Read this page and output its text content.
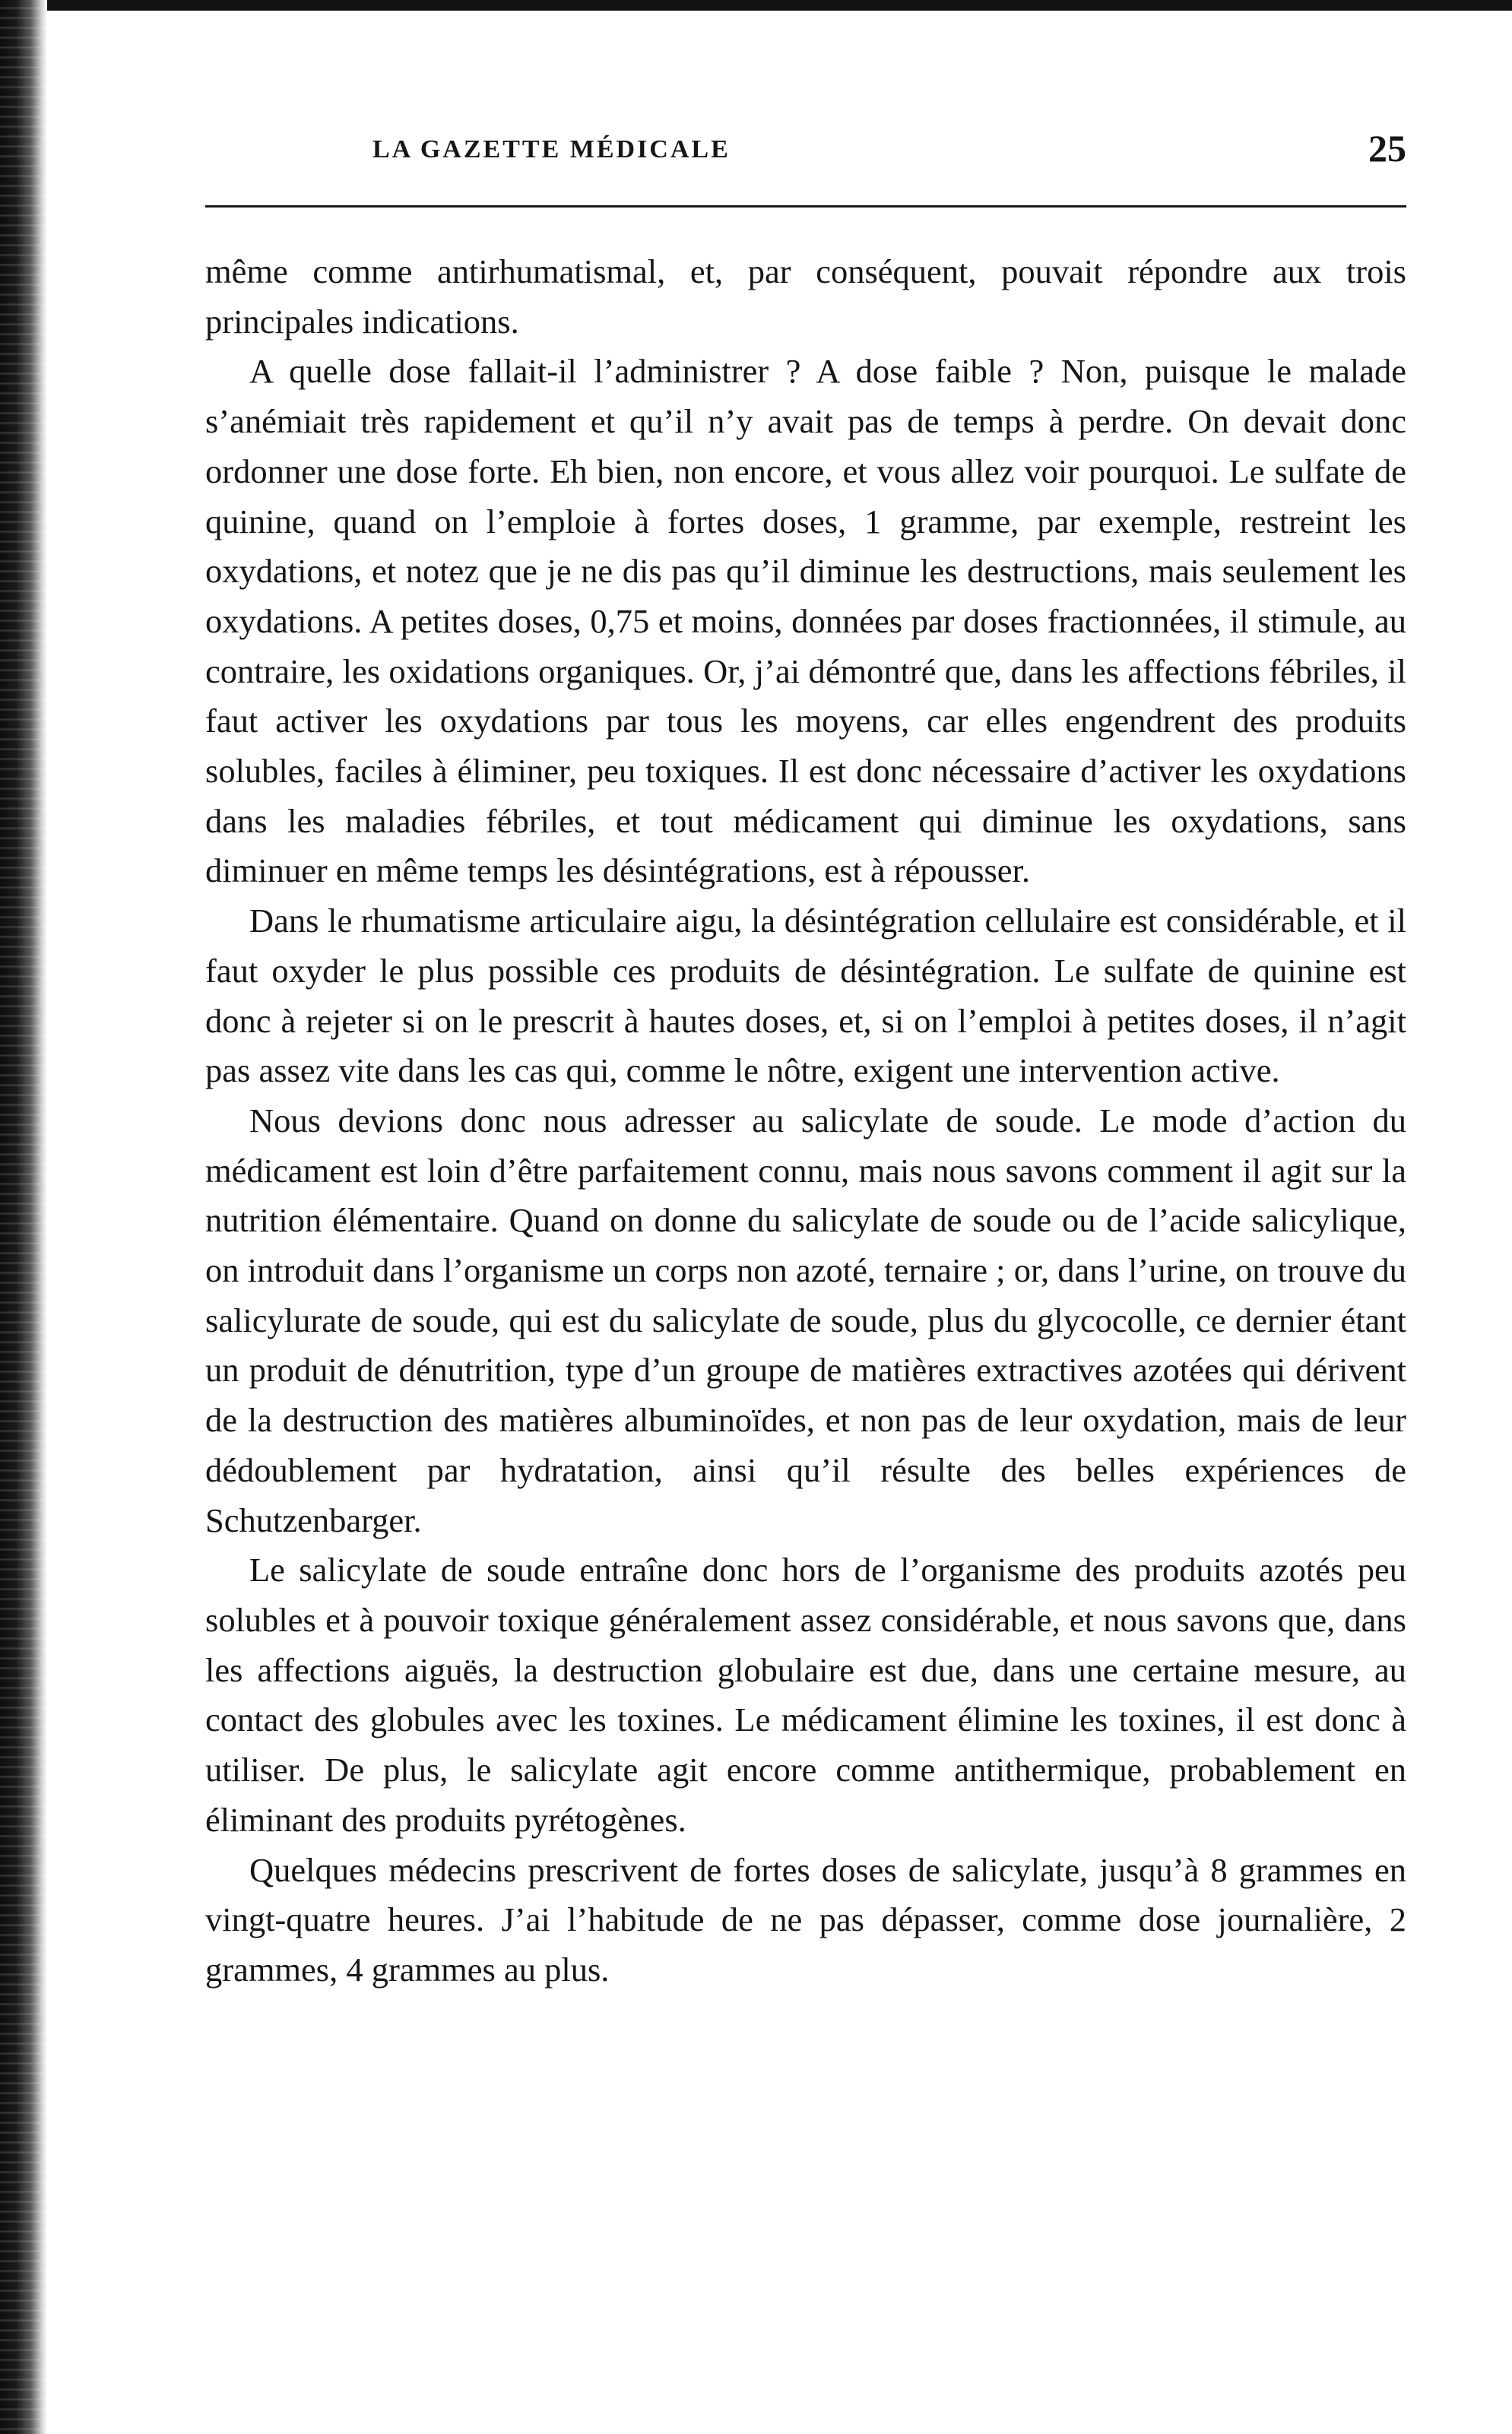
LA GAZETTE MÉDICALE	25

même comme antirhumatismal, et, par conséquent, pouvait répondre aux trois principales indications.

A quelle dose fallait-il l’administrer ? A dose faible ? Non, puisque le malade s’anémiait très rapidement et qu’il n’y avait pas de temps à perdre. On devait donc ordonner une dose forte. Eh bien, non encore, et vous allez voir pourquoi. Le sulfate de quinine, quand on l’emploie à fortes doses, 1 gramme, par exemple, restreint les oxydations, et notez que je ne dis pas qu’il diminue les destructions, mais seulement les oxydations. A petites doses, 0,75 et moins, données par doses fractionnées, il stimule, au contraire, les oxidations organiques. Or, j’ai démontré que, dans les affections fébriles, il faut activer les oxydations par tous les moyens, car elles engendrent des produits solubles, faciles à éliminer, peu toxiques. Il est donc nécessaire d’activer les oxydations dans les maladies fébriles, et tout médicament qui diminue les oxydations, sans diminuer en même temps les désintégrations, est à répousser.

Dans le rhumatisme articulaire aigu, la désintégration cellulaire est considérable, et il faut oxyder le plus possible ces produits de désintégration. Le sulfate de quinine est donc à rejeter si on le prescrit à hautes doses, et, si on l’emploi à petites doses, il n’agit pas assez vite dans les cas qui, comme le nôtre, exigent une intervention active.

Nous devions donc nous adresser au salicylate de soude. Le mode d’action du médicament est loin d’être parfaitement connu, mais nous savons comment il agit sur la nutrition élémentaire. Quand on donne du salicylate de soude ou de l’acide salicylique, on introduit dans l’organisme un corps non azoté, ternaire ; or, dans l’urine, on trouve du salicylurate de soude, qui est du salicylate de soude, plus du glycocolle, ce dernier étant un produit de dénutrition, type d’un groupe de matières extractives azotées qui dérivent de la destruction des matières albuminoïdes, et non pas de leur oxydation, mais de leur dédoublement par hydratation, ainsi qu’il résulte des belles expériences de Schutzenbarger.

Le salicylate de soude entraîne donc hors de l’organisme des produits azotés peu solubles et à pouvoir toxique généralement assez considérable, et nous savons que, dans les affections aiguës, la destruction globulaire est due, dans une certaine mesure, au contact des globules avec les toxines. Le médicament élimine les toxines, il est donc à utiliser. De plus, le salicylate agit encore comme antithermique, probablement en éliminant des produits pyrétogènes.

Quelques médecins prescrivent de fortes doses de salicylate, jusqu’à 8 grammes en vingt-quatre heures. J’ai l’habitude de ne pas dépasser, comme dose journalière, 2 grammes, 4 grammes au plus.
